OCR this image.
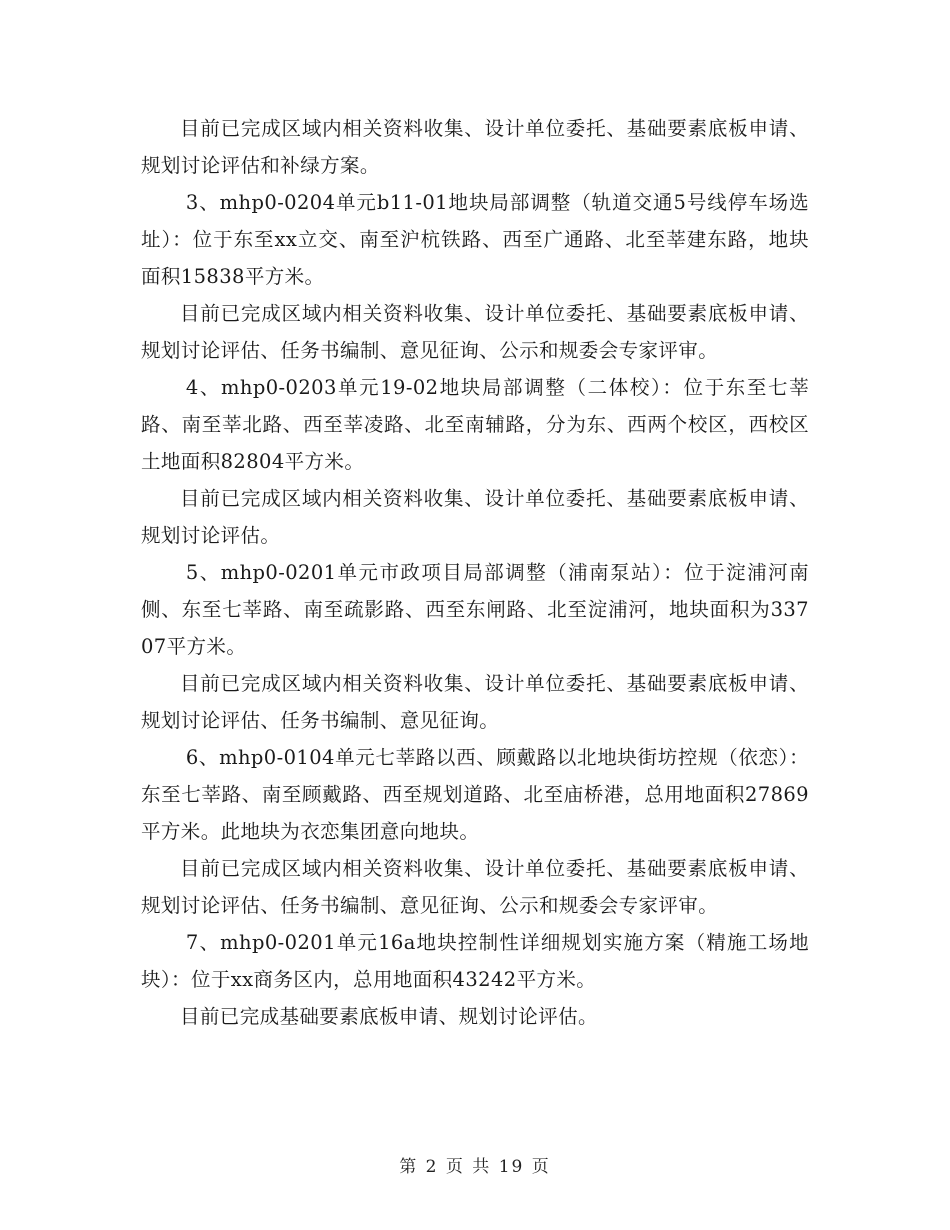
目前已完成区域内相关资料收集、设计单位委托、基础要素底板申请、规划讨论评估和补绿方案。

3、mhp0-0204单元b11-01地块局部调整（轨道交通5号线停车场选址）：位于东至xx立交、南至沪杭铁路、西至广通路、北至莘建东路，地块面积15838平方米。

目前已完成区域内相关资料收集、设计单位委托、基础要素底板申请、规划讨论评估、任务书编制、意见征询、公示和规委会专家评审。

4、mhp0-0203单元19-02地块局部调整（二体校）：位于东至七莘路、南至莘北路、西至莘凌路、北至南辅路，分为东、西两个校区，西校区土地面积82804平方米。

目前已完成区域内相关资料收集、设计单位委托、基础要素底板申请、规划讨论评估。

5、mhp0-0201单元市政项目局部调整（浦南泵站）：位于淀浦河南侧、东至七莘路、南至疏影路、西至东闸路、北至淀浦河，地块面积为33707平方米。

目前已完成区域内相关资料收集、设计单位委托、基础要素底板申请、规划讨论评估、任务书编制、意见征询。

6、mhp0-0104单元七莘路以西、顾戴路以北地块街坊控规（依恋）：东至七莘路、南至顾戴路、西至规划道路、北至庙桥港，总用地面积27869平方米。此地块为衣恋集团意向地块。

目前已完成区域内相关资料收集、设计单位委托、基础要素底板申请、规划讨论评估、任务书编制、意见征询、公示和规委会专家评审。

7、mhp0-0201单元16a地块控制性详细规划实施方案（精施工场地块）：位于xx商务区内，总用地面积43242平方米。

目前已完成基础要素底板申请、规划讨论评估。

第 2 页 共 19 页
